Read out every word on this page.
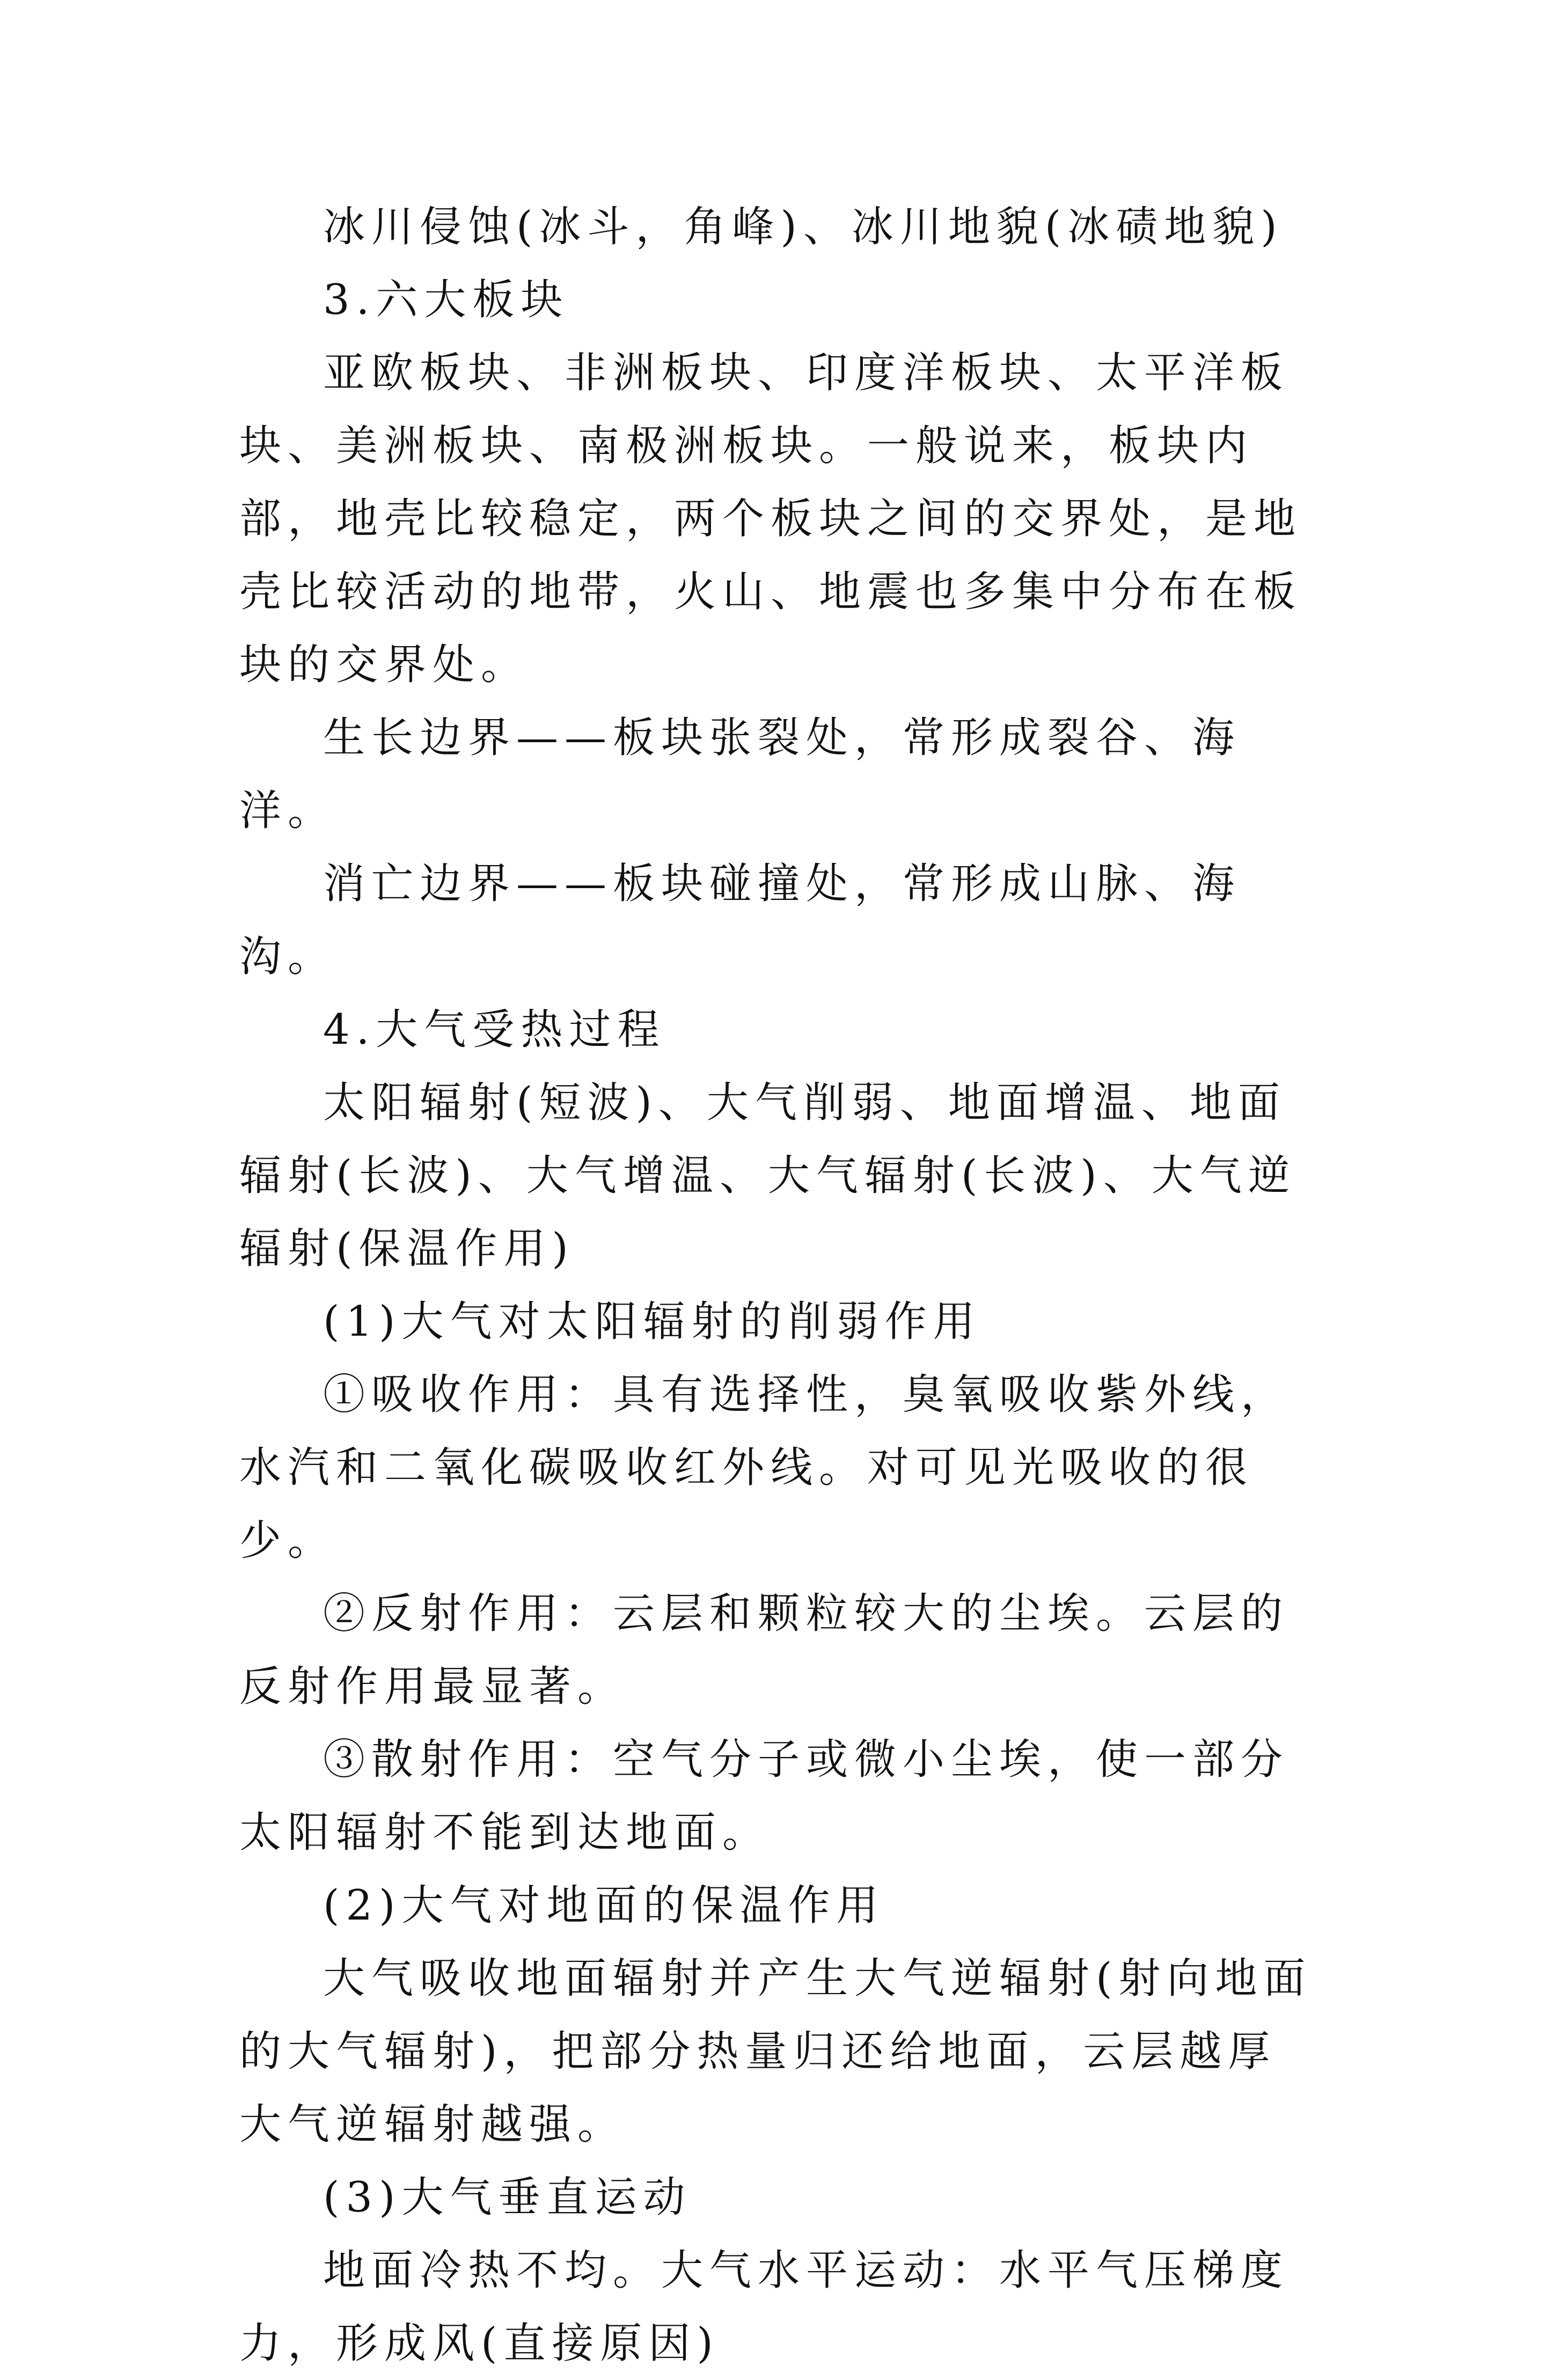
冰川侵蚀(冰斗，角峰)、冰川地貌(冰碛地貌)

3.六大板块

亚欧板块、非洲板块、印度洋板块、太平洋板块、美洲板块、南极洲板块。一般说来，板块内部，地壳比较稳定，两个板块之间的交界处，是地壳比较活动的地带，火山、地震也多集中分布在板块的交界处。

生长边界——板块张裂处，常形成裂谷、海洋。

消亡边界——板块碰撞处，常形成山脉、海沟。

4.大气受热过程

太阳辐射(短波)、大气削弱、地面增温、地面辐射(长波)、大气增温、大气辐射(长波)、大气逆辐射(保温作用)

(1)大气对太阳辐射的削弱作用

①吸收作用：具有选择性，臭氧吸收紫外线，水汽和二氧化碳吸收红外线。对可见光吸收的很少。

②反射作用：云层和颗粒较大的尘埃。云层的反射作用最显著。

③散射作用：空气分子或微小尘埃，使一部分太阳辐射不能到达地面。

(2)大气对地面的保温作用

大气吸收地面辐射并产生大气逆辐射(射向地面的大气辐射)，把部分热量归还给地面，云层越厚大气逆辐射越强。

(3)大气垂直运动

地面冷热不均。大气水平运动：水平气压梯度力，形成风(直接原因)
